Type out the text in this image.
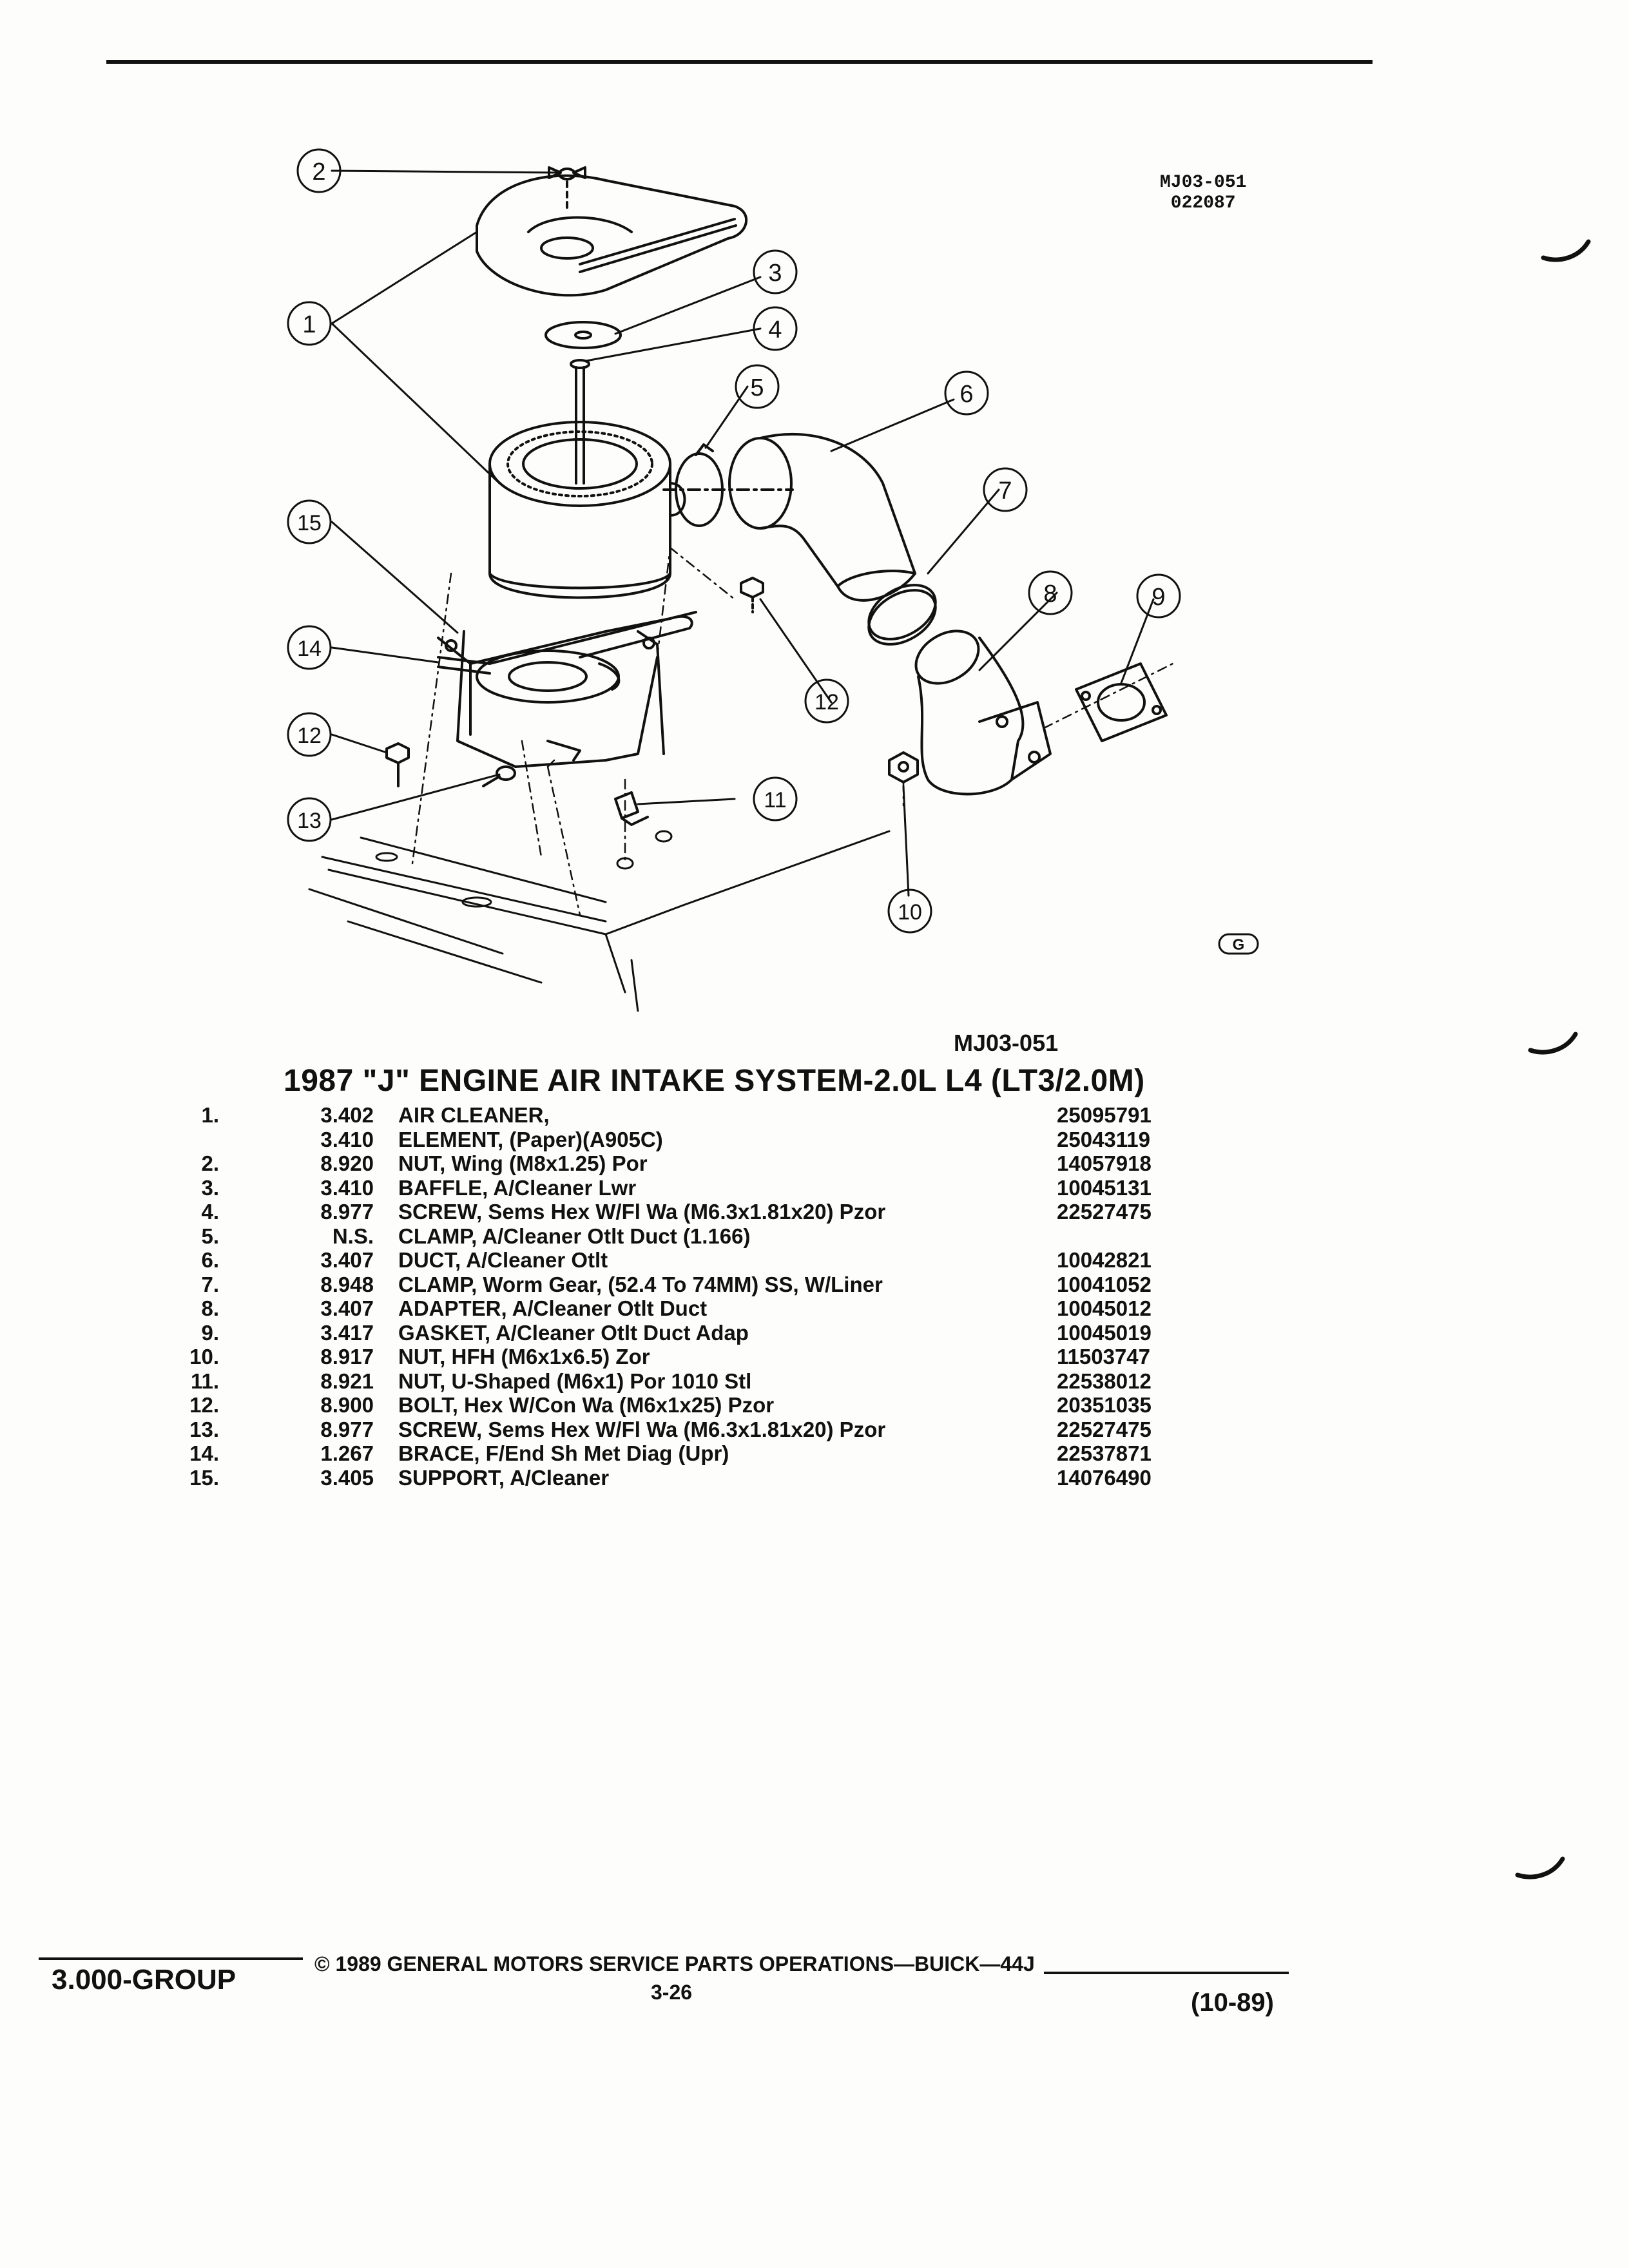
MJ03-051
022087
2
1
3
4
5	6
7
8	9
10
11
12
12
13
14
15
G
MJ03-051
1987 "J" ENGINE AIR INTAKE SYSTEM-2.0L L4 (LT3/2.0M)
1.	3.402 AIR CLEANER,	25095791
3.410 ELEMENT, (Paper)(A905C)	25043119
2.	8.920 NUT, Wing (M8x1.25) Por	14057918
3.	3.410 BAFFLE, A/Cleaner Lwr	10045131
4.	8.977 SCREW, Sems Hex W/Fl Wa (M6.3x1.81x20) Pzor	22527475
5.	N.S. CLAMP, A/Cleaner Otlt Duct (1.166)
6.	3.407 DUCT, A/Cleaner Otlt	10042821
7.	8.948 CLAMP, Worm Gear, (52.4 To 74MM) SS, W/Liner	10041052
8.	3.407 ADAPTER, A/Cleaner Otlt Duct	10045012
9.	3.417 GASKET, A/Cleaner Otlt Duct Adap	10045019
10.	8.917 NUT, HFH (M6x1x6.5) Zor	11503747
11.	8.921 NUT, U-Shaped (M6x1) Por 1010 Stl	22538012
12.	8.900 BOLT, Hex W/Con Wa (M6x1x25) Pzor	20351035
13.	8.977 SCREW, Sems Hex W/Fl Wa (M6.3x1.81x20) Pzor	22527475
14.	1.267 BRACE, F/End Sh Met Diag (Upr)	22537871
15.	3.405 SUPPORT, A/Cleaner	14076490
3.000-GROUP	© 1989 GENERAL MOTORS SERVICE PARTS OPERATIONS—BUICK—44J
3-26	(10-89)
